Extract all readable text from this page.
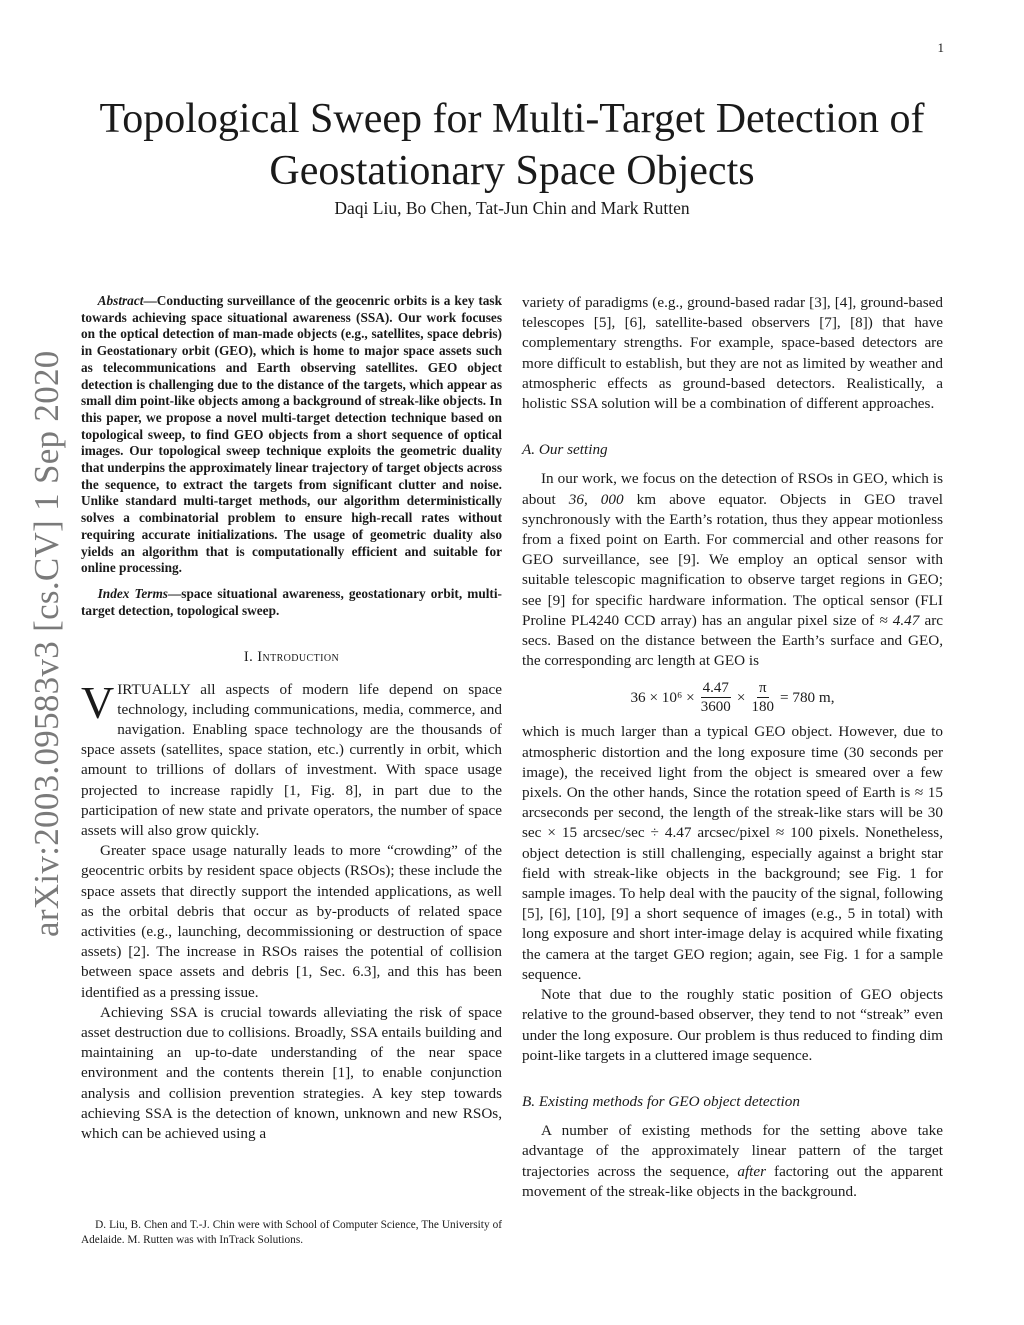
1
arXiv:2003.09583v3 [cs.CV] 1 Sep 2020
Topological Sweep for Multi-Target Detection of Geostationary Space Objects
Daqi Liu, Bo Chen, Tat-Jun Chin and Mark Rutten

Abstract—Conducting surveillance of the geocenric orbits is a key task towards achieving space situational awareness (SSA). Our work focuses on the optical detection of man-made objects (e.g., satellites, space debris) in Geostationary orbit (GEO), which is home to major space assets such as telecommunications and Earth observing satellites. GEO object detection is challenging due to the distance of the targets, which appear as small dim point-like objects among a background of streak-like objects. In this paper, we propose a novel multi-target detection technique based on topological sweep, to find GEO objects from a short sequence of optical images. Our topological sweep technique exploits the geometric duality that underpins the approximately linear trajectory of target objects across the sequence, to extract the targets from significant clutter and noise. Unlike standard multi-target methods, our algorithm deterministically solves a combinatorial problem to ensure high-recall rates without requiring accurate initializations. The usage of geometric duality also yields an algorithm that is computationally efficient and suitable for online processing.

Index Terms—space situational awareness, geostationary orbit, multi-target detection, topological sweep.

I. Introduction

VIRTUALLY all aspects of modern life depend on space technology, including communications, media, commerce, and navigation. Enabling space technology are the thousands of space assets (satellites, space station, etc.) currently in orbit, which amount to trillions of dollars of investment. With space usage projected to increase rapidly [1, Fig. 8], in part due to the participation of new state and private operators, the number of space assets will also grow quickly.

Greater space usage naturally leads to more “crowding” of the geocentric orbits by resident space objects (RSOs); these include the space assets that directly support the intended applications, as well as the orbital debris that occur as by-products of related space activities (e.g., launching, decommissioning or destruction of space assets) [2]. The increase in RSOs raises the potential of collision between space assets and debris [1, Sec. 6.3], and this has been identified as a pressing issue.

Achieving SSA is crucial towards alleviating the risk of space asset destruction due to collisions. Broadly, SSA entails building and maintaining an up-to-date understanding of the near space environment and the contents therein [1], to enable conjunction analysis and collision prevention strategies. A key step towards achieving SSA is the detection of known, unknown and new RSOs, which can be achieved using a

variety of paradigms (e.g., ground-based radar [3], [4], ground-based telescopes [5], [6], satellite-based observers [7], [8]) that have complementary strengths. For example, space-based detectors are more difficult to establish, but they are not as limited by weather and atmospheric effects as ground-based detectors. Realistically, a holistic SSA solution will be a combination of different approaches.

A. Our setting

In our work, we focus on the detection of RSOs in GEO, which is about 36, 000 km above equator. Objects in GEO travel synchronously with the Earth’s rotation, thus they appear motionless from a fixed point on Earth. For commercial and other reasons for GEO surveillance, see [9]. We employ an optical sensor with suitable telescopic magnification to observe target regions in GEO; see [9] for specific hardware information. The optical sensor (FLI Proline PL4240 CCD array) has an angular pixel size of ≈ 4.47 arc secs. Based on the distance between the Earth’s surface and GEO, the corresponding arc length at GEO is

$36 \times 10^6 \times \frac{4.47}{3600} \times \frac{\pi}{180} = 780$ m,

which is much larger than a typical GEO object. However, due to atmospheric distortion and the long exposure time (30 seconds per image), the received light from the object is smeared over a few pixels. On the other hands, Since the rotation speed of Earth is ≈ 15 arcseconds per second, the length of the streak-like stars will be 30 sec × 15 arcsec/sec ÷ 4.47 arcsec/pixel ≈ 100 pixels. Nonetheless, object detection is still challenging, especially against a bright star field with streak-like objects in the background; see Fig. 1 for sample images. To help deal with the paucity of the signal, following [5], [6], [10], [9] a short sequence of images (e.g., 5 in total) with long exposure and short inter-image delay is acquired while fixating the camera at the target GEO region; again, see Fig. 1 for a sample sequence.

Note that due to the roughly static position of GEO objects relative to the ground-based observer, they tend to not “streak” even under the long exposure. Our problem is thus reduced to finding dim point-like targets in a cluttered image sequence.

B. Existing methods for GEO object detection

A number of existing methods for the setting above take advantage of the approximately linear pattern of the target trajectories across the sequence, after factoring out the apparent movement of the streak-like objects in the background.

D. Liu, B. Chen and T.-J. Chin were with School of Computer Science, The University of Adelaide. M. Rutten was with InTrack Solutions.
